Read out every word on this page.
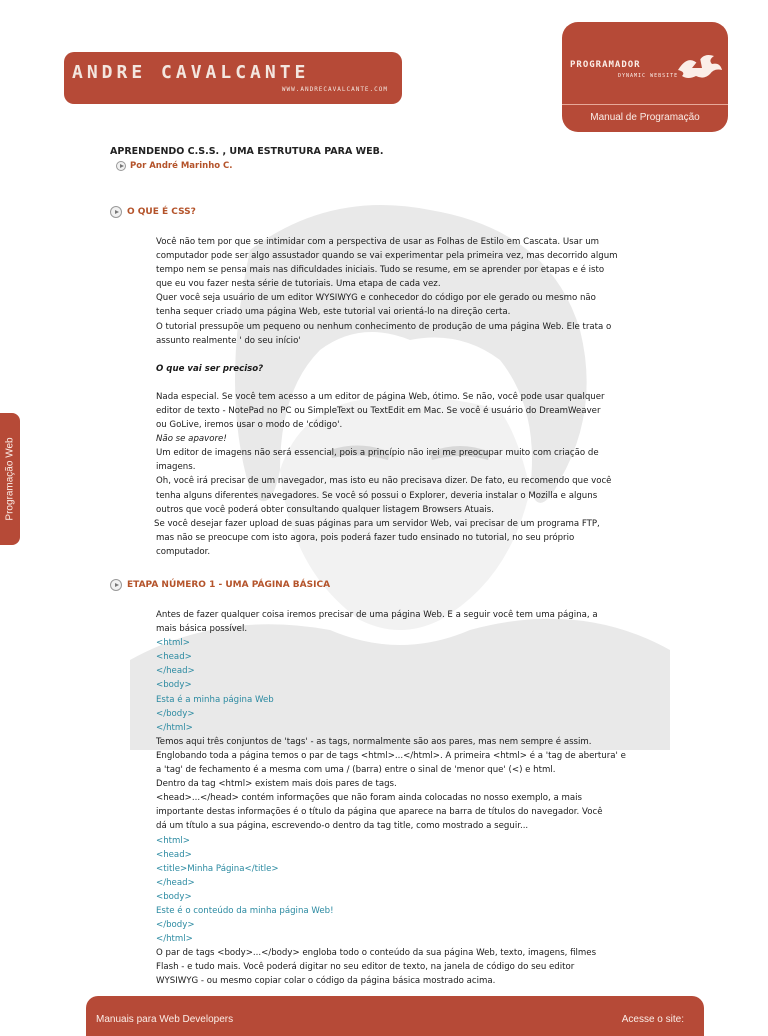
ANDRE CAVALCANTE
WWW.ANDRECAVALCANTE.COM
PROGRAMADOR
DYNAMIC WEBSITE
Manual de Programação
Programação Web
APRENDENDO C.S.S. , UMA ESTRUTURA PARA WEB.
Por André Marinho C.
O QUE É CSS?

Você não tem por que se intimidar com a perspectiva de usar as Folhas de Estilo em Cascata. Usar um

computador pode ser algo assustador quando se vai experimentar pela primeira vez, mas decorrido algum

tempo nem se pensa mais nas dificuldades iniciais. Tudo se resume, em se aprender por etapas e é isto

que eu vou fazer nesta série de tutoriais. Uma etapa de cada vez.

Quer você seja usuário de um editor WYSIWYG e conhecedor do código por ele gerado ou mesmo não

tenha sequer criado uma página Web, este tutorial vai orientá-lo na direção certa.

O tutorial pressupõe um pequeno ou nenhum conhecimento de produção de uma página Web. Ele trata o

assunto realmente ' do seu início'

O que vai ser preciso?

Nada especial. Se você tem acesso a um editor de página Web, ótimo. Se não, você pode usar qualquer

editor de texto - NotePad no PC ou SimpleText ou TextEdit em Mac. Se você é usuário do DreamWeaver

ou GoLive, iremos usar o modo de 'código'.

Não se apavore!

Um editor de imagens não será essencial, pois a princípio não irei me preocupar muito com criação de

imagens.

Oh, você irá precisar de um navegador, mas isto eu não precisava dizer. De fato, eu recomendo que você

tenha alguns diferentes navegadores. Se você só possui o Explorer, deveria instalar o Mozilla e alguns

outros que você poderá obter consultando qualquer listagem Browsers Atuais.

Se você desejar fazer upload de suas páginas para um servidor Web, vai precisar de um programa FTP,

mas não se preocupe com isto agora, pois poderá fazer tudo ensinado no tutorial, no seu próprio

computador.

ETAPA NÚMERO 1 - UMA PÁGINA BÁSICA

Antes de fazer qualquer coisa iremos precisar de uma página Web. E a seguir você tem uma página, a

mais básica possível.

<html>

<head>

</head>

<body>

Esta é a minha página Web

</body>

</html>

Temos aqui três conjuntos de 'tags' - as tags, normalmente são aos pares, mas nem sempre é assim.

Englobando toda a página temos o par de tags <html>...</html>. A primeira <html> é a 'tag de abertura' e

a 'tag' de fechamento é a mesma com uma / (barra) entre o sinal de 'menor que' (<) e html.

Dentro da tag <html> existem mais dois pares de tags.

<head>...</head> contém informações que não foram ainda colocadas no nosso exemplo, a mais

importante destas informações é o título da página que aparece na barra de títulos do navegador. Você

dá um título a sua página, escrevendo-o dentro da tag title, como mostrado a seguir...

<html>

<head>

<title>Minha Página</title>

</head>

<body>

Este é o conteúdo da minha página Web!

</body>

</html>

O par de tags <body>...</body> engloba todo o conteúdo da sua página Web, texto, imagens, filmes

Flash - e tudo mais. Você poderá digitar no seu editor de texto, na janela de código do seu editor

WYSIWYG - ou mesmo copiar colar o código da página básica mostrado acima.

Manuais para Web Developers	Acesse o site:
